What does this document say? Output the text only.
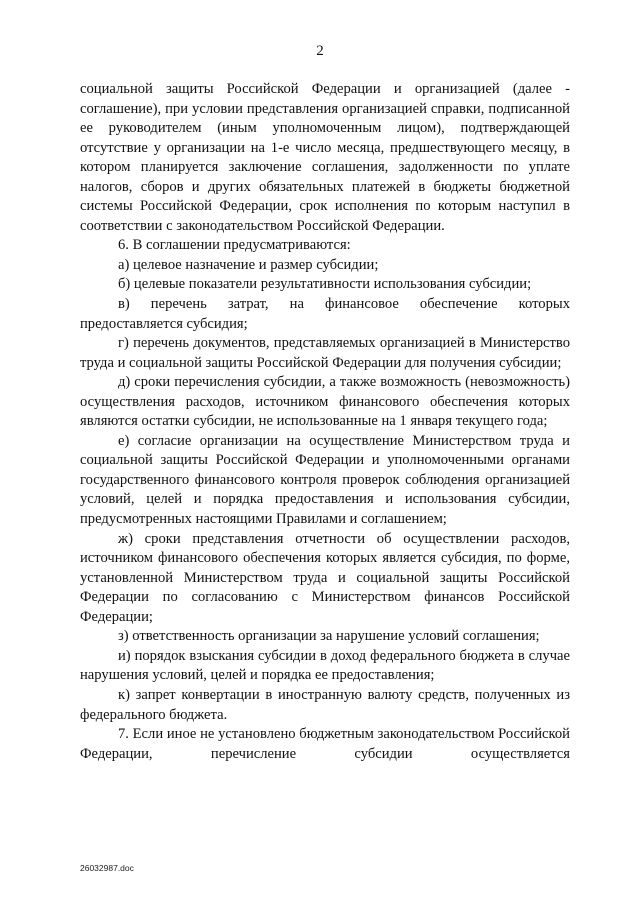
2

социальной защиты Российской Федерации и организацией (далее - соглашение), при условии представления организацией справки, подписанной ее руководителем (иным уполномоченным лицом), подтверждающей отсутствие у организации на 1-е число месяца, предшествующего месяцу, в котором планируется заключение соглашения, задолженности по уплате налогов, сборов и других обязательных платежей в бюджеты бюджетной системы Российской Федерации, срок исполнения по которым наступил в соответствии с законодательством Российской Федерации.

6. В соглашении предусматриваются:

а) целевое назначение и размер субсидии;

б) целевые показатели результативности использования субсидии;

в) перечень затрат, на финансовое обеспечение которых предоставляется субсидия;

г) перечень документов, представляемых организацией в Министерство труда и социальной защиты Российской Федерации для получения субсидии;

д) сроки перечисления субсидии, а также возможность (невозможность) осуществления расходов, источником финансового обеспечения которых являются остатки субсидии, не использованные на 1 января текущего года;

е) согласие организации на осуществление Министерством труда и социальной защиты Российской Федерации и уполномоченными органами государственного финансового контроля проверок соблюдения организацией условий, целей и порядка предоставления и использования субсидии, предусмотренных настоящими Правилами и соглашением;

ж) сроки представления отчетности об осуществлении расходов, источником финансового обеспечения которых является субсидия, по форме, установленной Министерством труда и социальной защиты Российской Федерации по согласованию с Министерством финансов Российской Федерации;

з) ответственность организации за нарушение условий соглашения;

и) порядок взыскания субсидии в доход федерального бюджета в случае нарушения условий, целей и порядка ее предоставления;

к) запрет конвертации в иностранную валюту средств, полученных из федерального бюджета.

7. Если иное не установлено бюджетным законодательством Российской Федерации, перечисление субсидии осуществляется

26032987.doc
